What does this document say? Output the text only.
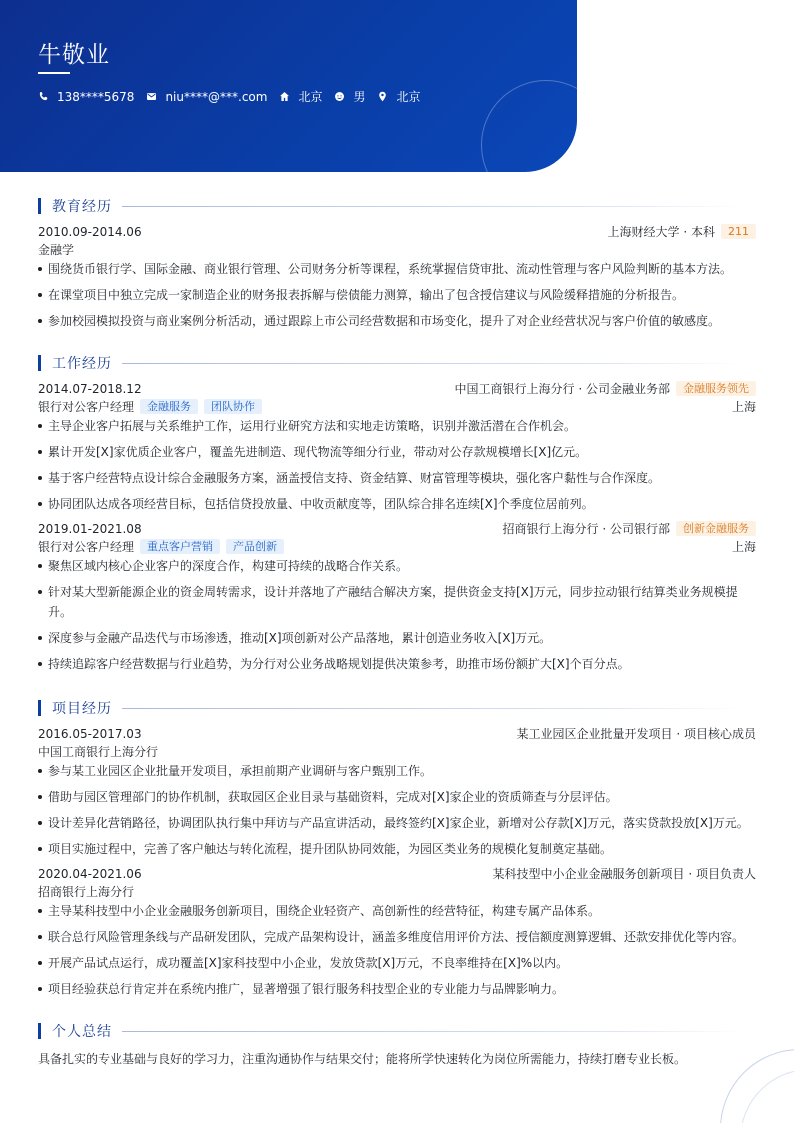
牛敬业
138****5678	niu****@***.com	北京	男	北京
教育经历
2010.09-2014.06	上海财经大学 · 本科	211
金融学
围绕货币银行学、国际金融、商业银行管理、公司财务分析等课程，系统掌握信贷审批、流动性管理与客户风险判断的基本方法。
在课堂项目中独立完成一家制造企业的财务报表拆解与偿债能力测算，输出了包含授信建议与风险缓释措施的分析报告。
参加校园模拟投资与商业案例分析活动，通过跟踪上市公司经营数据和市场变化，提升了对企业经营状况与客户价值的敏感度。
工作经历
2014.07-2018.12	中国工商银行上海分行 · 公司金融业务部	金融服务领先
银行对公客户经理	金融服务	团队协作	上海
主导企业客户拓展与关系维护工作，运用行业研究方法和实地走访策略，识别并激活潜在合作机会。
累计开发[X]家优质企业客户，覆盖先进制造、现代物流等细分行业，带动对公存款规模增长[X]亿元。
基于客户经营特点设计综合金融服务方案，涵盖授信支持、资金结算、财富管理等模块，强化客户黏性与合作深度。
协同团队达成各项经营目标，包括信贷投放量、中收贡献度等，团队综合排名连续[X]个季度位居前列。
2019.01-2021.08	招商银行上海分行 · 公司银行部	创新金融服务
银行对公客户经理	重点客户营销	产品创新	上海
聚焦区域内核心企业客户的深度合作，构建可持续的战略合作关系。
针对某大型新能源企业的资金周转需求，设计并落地了产融结合解决方案，提供资金支持[X]万元，同步拉动银行结算类业务规模提升。
深度参与金融产品迭代与市场渗透，推动[X]项创新对公产品落地，累计创造业务收入[X]万元。
持续追踪客户经营数据与行业趋势，为分行对公业务战略规划提供决策参考，助推市场份额扩大[X]个百分点。
项目经历
2016.05-2017.03	某工业园区企业批量开发项目 · 项目核心成员
中国工商银行上海分行
参与某工业园区企业批量开发项目，承担前期产业调研与客户甄别工作。
借助与园区管理部门的协作机制，获取园区企业目录与基础资料，完成对[X]家企业的资质筛查与分层评估。
设计差异化营销路径，协调团队执行集中拜访与产品宣讲活动，最终签约[X]家企业，新增对公存款[X]万元，落实贷款投放[X]万元。
项目实施过程中，完善了客户触达与转化流程，提升团队协同效能，为园区类业务的规模化复制奠定基础。
2020.04-2021.06	某科技型中小企业金融服务创新项目 · 项目负责人
招商银行上海分行
主导某科技型中小企业金融服务创新项目，围绕企业轻资产、高创新性的经营特征，构建专属产品体系。
联合总行风险管理条线与产品研发团队，完成产品架构设计，涵盖多维度信用评价方法、授信额度测算逻辑、还款安排优化等内容。
开展产品试点运行，成功覆盖[X]家科技型中小企业，发放贷款[X]万元，不良率维持在[X]%以内。
项目经验获总行肯定并在系统内推广，显著增强了银行服务科技型企业的专业能力与品牌影响力。
个人总结
具备扎实的专业基础与良好的学习力，注重沟通协作与结果交付；能将所学快速转化为岗位所需能力，持续打磨专业长板。
